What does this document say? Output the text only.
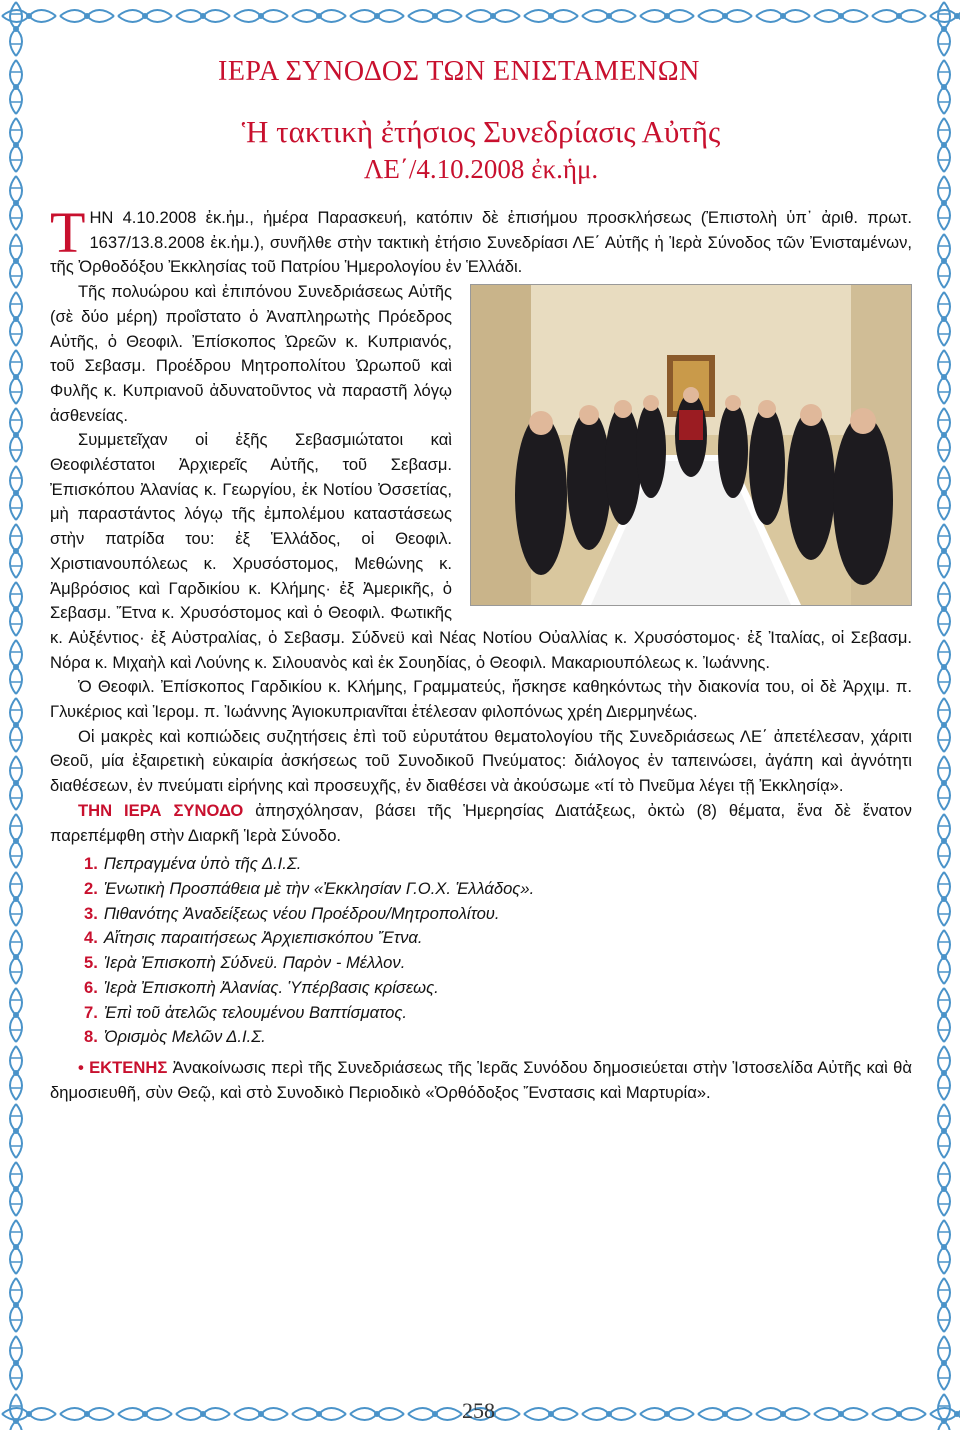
ΙΕΡΑ ΣΥΝΟΔΟΣ ΤΩΝ ΕΝΙΣΤΑΜΕΝΩΝ
Ἡ τακτικὴ ἐτήσιος Συνεδρίασις Αὐτῆς
ΛΕ΄/4.10.2008 ἐκ.ἡμ.

ΤΗΝ 4.10.2008 ἐκ.ἡμ., ἡμέρα Παρασκευή, κατόπιν δὲ ἐπισήμου προσκλήσεως (Ἐπιστολὴ ὑπ᾿ ἀριθ. πρωτ. 1637/13.8.2008 ἐκ.ἡμ.), συνῆλθε στὴν τακτικὴ ἐτήσιο Συνεδρίασι ΛΕ΄ Αὐτῆς ἡ Ἱερὰ Σύνοδος τῶν Ἐνισταμένων, τῆς Ὀρθοδόξου Ἐκκλησίας τοῦ Πατρίου Ἡμερολογίου ἐν Ἑλλάδι.

Τῆς πολυώρου καὶ ἐπιπόνου Συνεδριάσεως Αὐτῆς (σὲ δύο μέρη) προΐστατο ὁ Ἀναπληρωτὴς Πρόεδρος Αὐτῆς, ὁ Θεοφιλ. Ἐπίσκοπος Ὠρεῶν κ. Κυπριανός, τοῦ Σεβασμ. Προέδρου Μητροπολίτου Ὠρωποῦ καὶ Φυλῆς κ. Κυπριανοῦ ἀδυνατοῦντος νὰ παραστῆ λόγῳ ἀσθενείας.

Συμμετεῖχαν οἱ ἑξῆς Σεβασμιώτατοι καὶ Θεοφιλέστατοι Ἀρχιερεῖς Αὐτῆς, τοῦ Σεβασμ. Ἐπισκόπου Ἀλανίας κ. Γεωργίου, ἐκ Νοτίου Ὀσσετίας, μὴ παραστάντος λόγῳ τῆς ἐμπολέμου καταστάσεως στὴν πατρίδα του: ἐξ Ἑλλάδος, οἱ Θεοφιλ. Χριστιανουπόλεως κ. Χρυσόστομος, Μεθώνης κ. Ἀμβρόσιος καὶ Γαρδικίου κ. Κλήμης· ἐξ Ἀμερικῆς, ὁ Σεβασμ. Ἔτνα κ. Χρυσόστομος καὶ ὁ Θεοφιλ. Φωτικῆς κ. Αὐξέντιος· ἐξ Αὐστραλίας, ὁ Σεβασμ. Σύδνεϋ καὶ Νέας Νοτίου Οὐαλλίας κ. Χρυσόστομος· ἐξ Ἰταλίας, οἱ Σεβασμ. Νόρα κ. Μιχαὴλ καὶ Λούνης κ. Σιλουανὸς καὶ ἐκ Σουηδίας, ὁ Θεοφιλ. Μακαριουπόλεως κ. Ἰωάννης.

Ὁ Θεοφιλ. Ἐπίσκοπος Γαρδικίου κ. Κλήμης, Γραμματεύς, ἤσκησε καθηκόντως τὴν διακονία του, οἱ δὲ Ἀρχιμ. π. Γλυκέριος καὶ Ἱερομ. π. Ἰωάννης Ἁγιοκυπριανῖται ἐτέλεσαν φιλοπόνως χρέη Διερμηνέως.

Οἱ μακρὲς καὶ κοπιώδεις συζητήσεις ἐπὶ τοῦ εὐρυτάτου θεματολογίου τῆς Συνεδριάσεως ΛΕ΄ ἀπετέλεσαν, χάριτι Θεοῦ, μία ἐξαιρετικὴ εὐκαιρία ἀσκήσεως τοῦ Συνοδικοῦ Πνεύματος: διάλογος ἐν ταπεινώσει, ἀγάπη καὶ ἀγνότητι διαθέσεων, ἐν πνεύματι εἰρήνης καὶ προσευχῆς, ἐν διαθέσει νὰ ἀκούσωμε «τί τὸ Πνεῦμα λέγει τῇ Ἐκκλησίᾳ».

ΤΗΝ ΙΕΡΑ ΣΥΝΟΔΟ ἀπησχόλησαν, βάσει τῆς Ἡμερησίας Διατάξεως, ὀκτὼ (8) θέματα, ἕνα δὲ ἔνατον παρεπέμφθη στὴν Διαρκῆ Ἱερὰ Σύνοδο.

1. Πεπραγμένα ὑπὸ τῆς Δ.Ι.Σ.
2. Ἑνωτικὴ Προσπάθεια μὲ τὴν «Ἐκκλησίαν Γ.Ο.Χ. Ἑλλάδος».
3. Πιθανότης Ἀναδείξεως νέου Προέδρου/Μητροπολίτου.
4. Αἴτησις παραιτήσεως Ἀρχιεπισκόπου Ἔτνα.
5. Ἱερὰ Ἐπισκοπὴ Σύδνεϋ. Παρὸν - Μέλλον.
6. Ἱερὰ Ἐπισκοπὴ Ἀλανίας. Ὑπέρβασις κρίσεως.
7. Ἐπὶ τοῦ ἀτελῶς τελουμένου Βαπτίσματος.
8. Ὁρισμὸς Μελῶν Δ.Ι.Σ.

• ΕΚΤΕΝΗΣ Ἀνακοίνωσις περὶ τῆς Συνεδριάσεως τῆς Ἱερᾶς Συνόδου δημοσιεύεται στὴν Ἱστοσελίδα Αὐτῆς καὶ θὰ δημοσιευθῆ, σὺν Θεῷ, καὶ στὸ Συνοδικὸ Περιοδικὸ «Ὀρθόδοξος Ἔνστασις καὶ Μαρτυρία».

258
